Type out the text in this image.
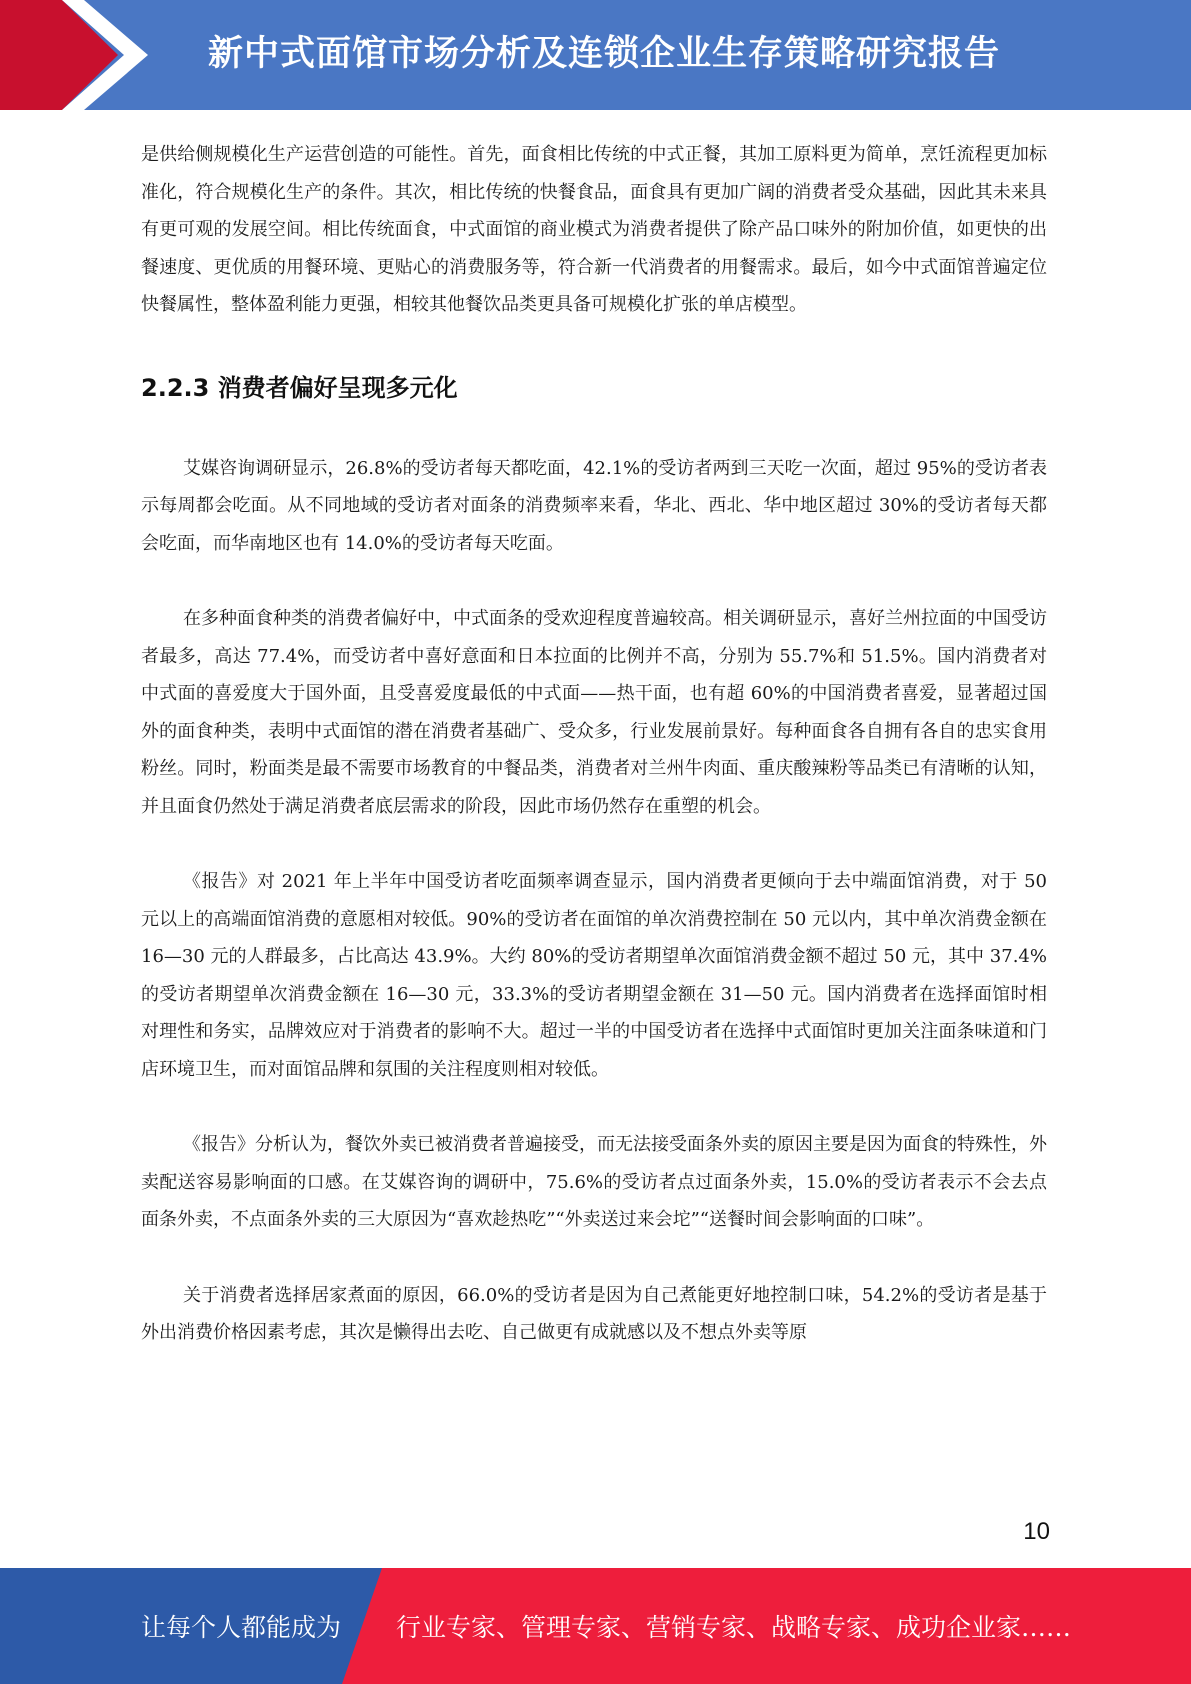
新中式面馆市场分析及连锁企业生存策略研究报告

是供给侧规模化生产运营创造的可能性。首先，面食相比传统的中式正餐，其加工原料更为简单，烹饪流程更加标准化，符合规模化生产的条件。其次，相比传统的快餐食品，面食具有更加广阔的消费者受众基础，因此其未来具有更可观的发展空间。相比传统面食，中式面馆的商业模式为消费者提供了除产品口味外的附加价值，如更快的出餐速度、更优质的用餐环境、更贴心的消费服务等，符合新一代消费者的用餐需求。最后，如今中式面馆普遍定位快餐属性，整体盈利能力更强，相较其他餐饮品类更具备可规模化扩张的单店模型。

2.2.3 消费者偏好呈现多元化

艾媒咨询调研显示，26.8%的受访者每天都吃面，42.1%的受访者两到三天吃一次面，超过 95%的受访者表示每周都会吃面。从不同地域的受访者对面条的消费频率来看，华北、西北、华中地区超过 30%的受访者每天都会吃面，而华南地区也有 14.0%的受访者每天吃面。

在多种面食种类的消费者偏好中，中式面条的受欢迎程度普遍较高。相关调研显示，喜好兰州拉面的中国受访者最多，高达 77.4%，而受访者中喜好意面和日本拉面的比例并不高，分别为 55.7%和 51.5%。国内消费者对中式面的喜爱度大于国外面，且受喜爱度最低的中式面——热干面，也有超 60%的中国消费者喜爱，显著超过国外的面食种类，表明中式面馆的潜在消费者基础广、受众多，行业发展前景好。每种面食各自拥有各自的忠实食用粉丝。同时，粉面类是最不需要市场教育的中餐品类，消费者对兰州牛肉面、重庆酸辣粉等品类已有清晰的认知，并且面食仍然处于满足消费者底层需求的阶段，因此市场仍然存在重塑的机会。

《报告》对 2021 年上半年中国受访者吃面频率调查显示，国内消费者更倾向于去中端面馆消费，对于 50 元以上的高端面馆消费的意愿相对较低。90%的受访者在面馆的单次消费控制在 50 元以内，其中单次消费金额在 16—30 元的人群最多，占比高达 43.9%。大约 80%的受访者期望单次面馆消费金额不超过 50 元，其中 37.4%的受访者期望单次消费金额在 16—30 元，33.3%的受访者期望金额在 31—50 元。国内消费者在选择面馆时相对理性和务实，品牌效应对于消费者的影响不大。超过一半的中国受访者在选择中式面馆时更加关注面条味道和门店环境卫生，而对面馆品牌和氛围的关注程度则相对较低。

《报告》分析认为，餐饮外卖已被消费者普遍接受，而无法接受面条外卖的原因主要是因为面食的特殊性，外卖配送容易影响面的口感。在艾媒咨询的调研中，75.6%的受访者点过面条外卖，15.0%的受访者表示不会去点面条外卖，不点面条外卖的三大原因为“喜欢趁热吃”“外卖送过来会坨”“送餐时间会影响面的口味”。

关于消费者选择居家煮面的原因，66.0%的受访者是因为自己煮能更好地控制口味，54.2%的受访者是基于外出消费价格因素考虑，其次是懒得出去吃、自己做更有成就感以及不想点外卖等原

10
让每个人都能成为 行业专家、管理专家、营销专家、战略专家、成功企业家……
